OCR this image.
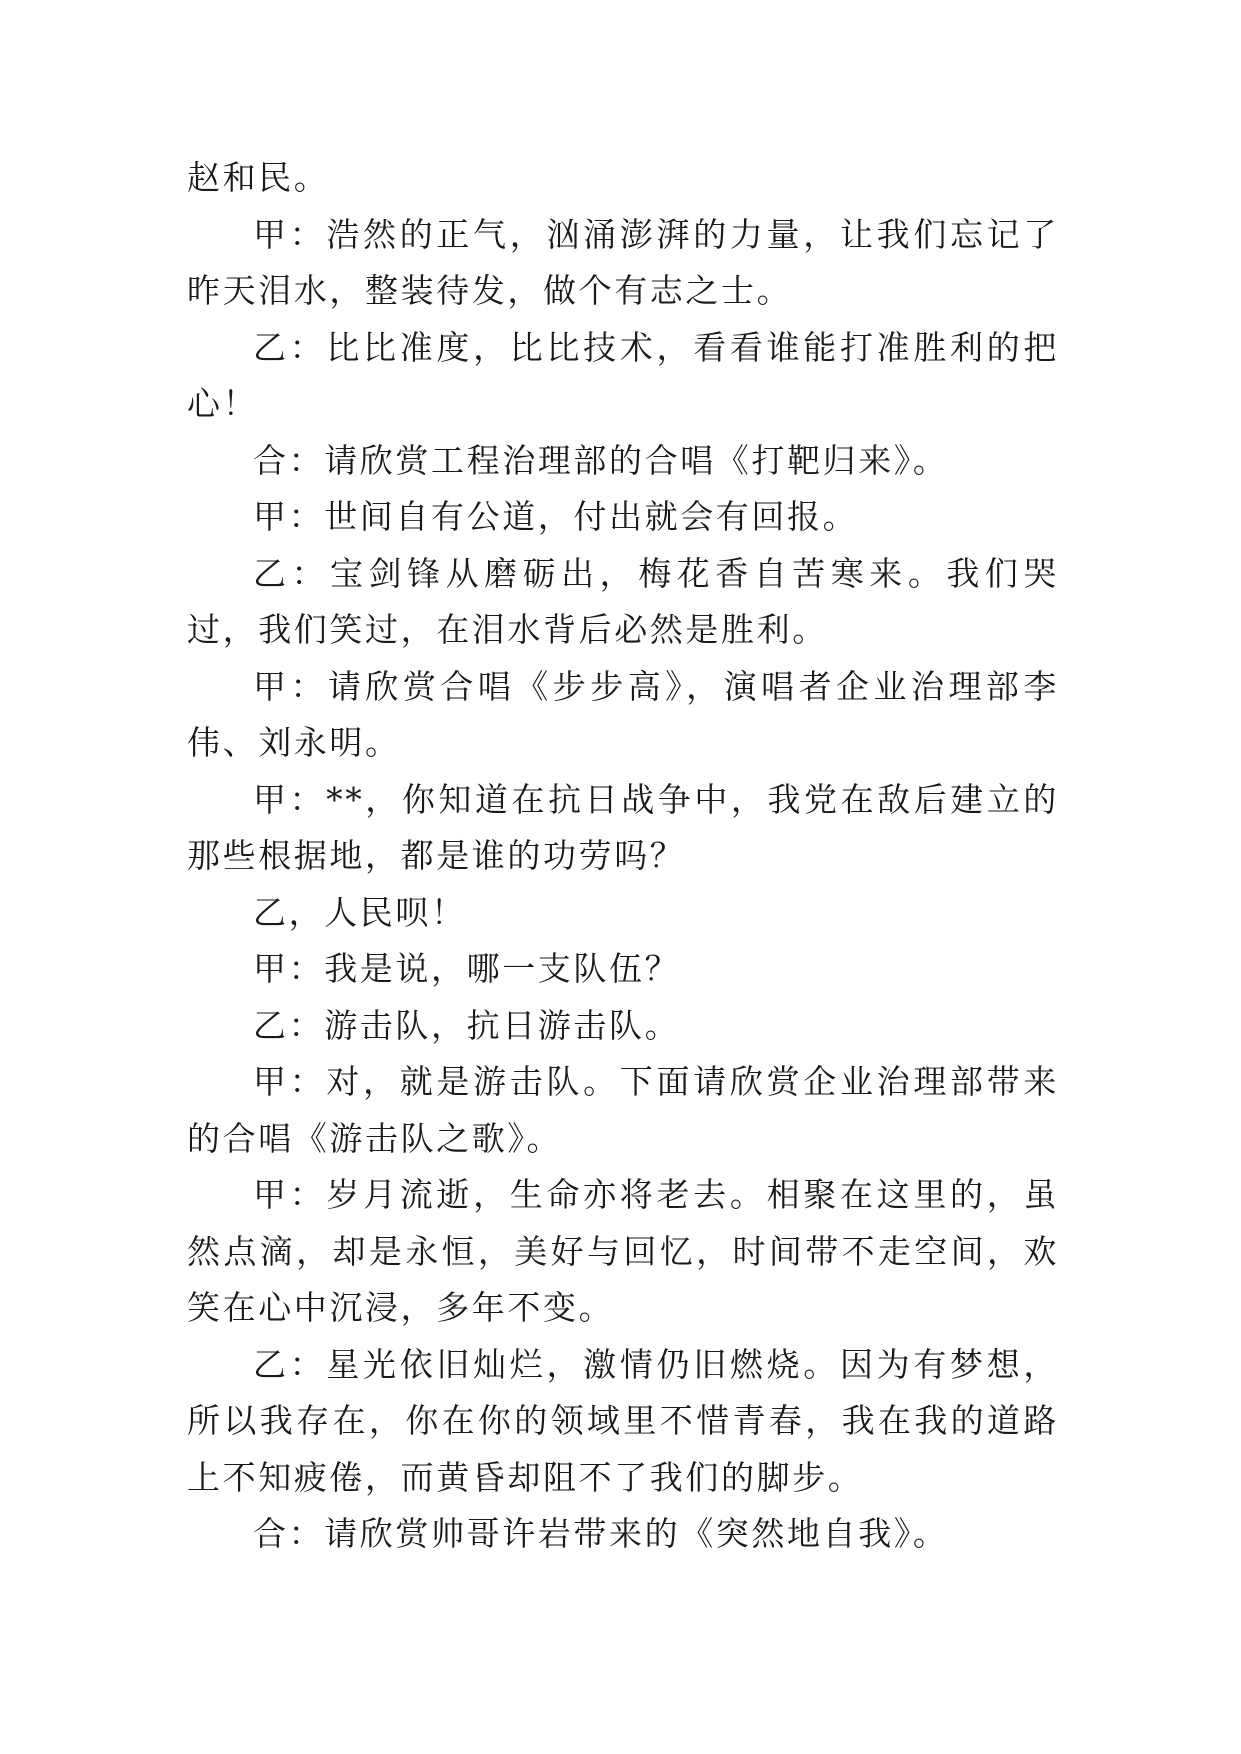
赵和民。

甲：浩然的正气，汹涌澎湃的力量，让我们忘记了昨天泪水，整装待发，做个有志之士。

乙：比比准度，比比技术，看看谁能打准胜利的把心！

合：请欣赏工程治理部的合唱《打靶归来》。

甲：世间自有公道，付出就会有回报。

乙：宝剑锋从磨砺出，梅花香自苦寒来。我们哭过，我们笑过，在泪水背后必然是胜利。

甲：请欣赏合唱《步步高》，演唱者企业治理部李伟、刘永明。

甲：**，你知道在抗日战争中，我党在敌后建立的那些根据地，都是谁的功劳吗？

乙，人民呗！

甲：我是说，哪一支队伍？

乙：游击队，抗日游击队。

甲：对，就是游击队。下面请欣赏企业治理部带来的合唱《游击队之歌》。

甲：岁月流逝，生命亦将老去。相聚在这里的，虽然点滴，却是永恒，美好与回忆，时间带不走空间，欢笑在心中沉浸，多年不变。

乙：星光依旧灿烂，激情仍旧燃烧。因为有梦想，所以我存在，你在你的领域里不惜青春，我在我的道路上不知疲倦，而黄昏却阻不了我们的脚步。

合：请欣赏帅哥许岩带来的《突然地自我》。
